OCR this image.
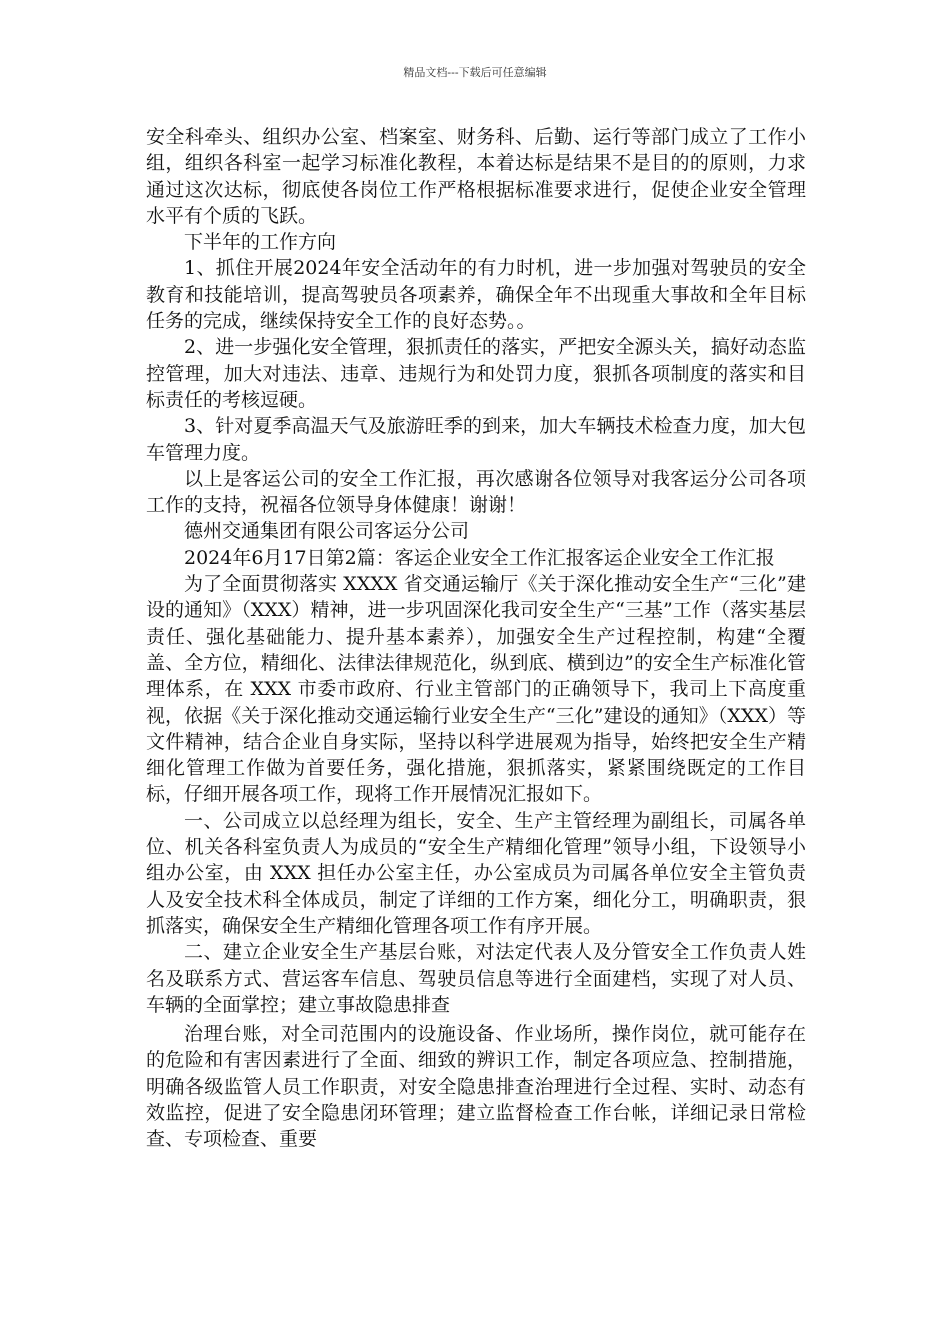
精品文档---下载后可任意编辑

安全科牵头、组织办公室、档案室、财务科、后勤、运行等部门成立了工作小组，组织各科室一起学习标准化教程，本着达标是结果不是目的的原则，力求通过这次达标，彻底使各岗位工作严格根据标准要求进行，促使企业安全管理水平有个质的飞跃。

下半年的工作方向

1、抓住开展2024年安全活动年的有力时机，进一步加强对驾驶员的安全教育和技能培训，提高驾驶员各项素养，确保全年不出现重大事故和全年目标任务的完成，继续保持安全工作的良好态势。。

2、进一步强化安全管理，狠抓责任的落实，严把安全源头关，搞好动态监控管理，加大对违法、违章、违规行为和处罚力度，狠抓各项制度的落实和目标责任的考核逗硬。

3、针对夏季高温天气及旅游旺季的到来，加大车辆技术检查力度，加大包车管理力度。

以上是客运公司的安全工作汇报，再次感谢各位领导对我客运分公司各项工作的支持，祝福各位领导身体健康！谢谢！

德州交通集团有限公司客运分公司

2024年6月17日第2篇：客运企业安全工作汇报客运企业安全工作汇报

为了全面贯彻落实 XXXX 省交通运输厅《关于深化推动安全生产“三化”建设的通知》（XXX）精神，进一步巩固深化我司安全生产“三基”工作（落实基层责任、强化基础能力、提升基本素养），加强安全生产过程控制，构建“全覆盖、全方位，精细化、法律法律规范化，纵到底、横到边”的安全生产标准化管理体系，在 XXX 市委市政府、行业主管部门的正确领导下，我司上下高度重视，依据《关于深化推动交通运输行业安全生产“三化”建设的通知》（XXX）等文件精神，结合企业自身实际，坚持以科学进展观为指导，始终把安全生产精细化管理工作做为首要任务，强化措施，狠抓落实，紧紧围绕既定的工作目标，仔细开展各项工作，现将工作开展情况汇报如下。

一、公司成立以总经理为组长，安全、生产主管经理为副组长，司属各单位、机关各科室负责人为成员的“安全生产精细化管理”领导小组，下设领导小组办公室，由 XXX 担任办公室主任，办公室成员为司属各单位安全主管负责人及安全技术科全体成员，制定了详细的工作方案，细化分工，明确职责，狠抓落实，确保安全生产精细化管理各项工作有序开展。

二、建立企业安全生产基层台账，对法定代表人及分管安全工作负责人姓名及联系方式、营运客车信息、驾驶员信息等进行全面建档，实现了对人员、车辆的全面掌控；建立事故隐患排查

治理台账，对全司范围内的设施设备、作业场所，操作岗位，就可能存在的危险和有害因素进行了全面、细致的辨识工作，制定各项应急、控制措施，明确各级监管人员工作职责，对安全隐患排查治理进行全过程、实时、动态有效监控，促进了安全隐患闭环管理；建立监督检查工作台帐，详细记录日常检查、专项检查、重要
